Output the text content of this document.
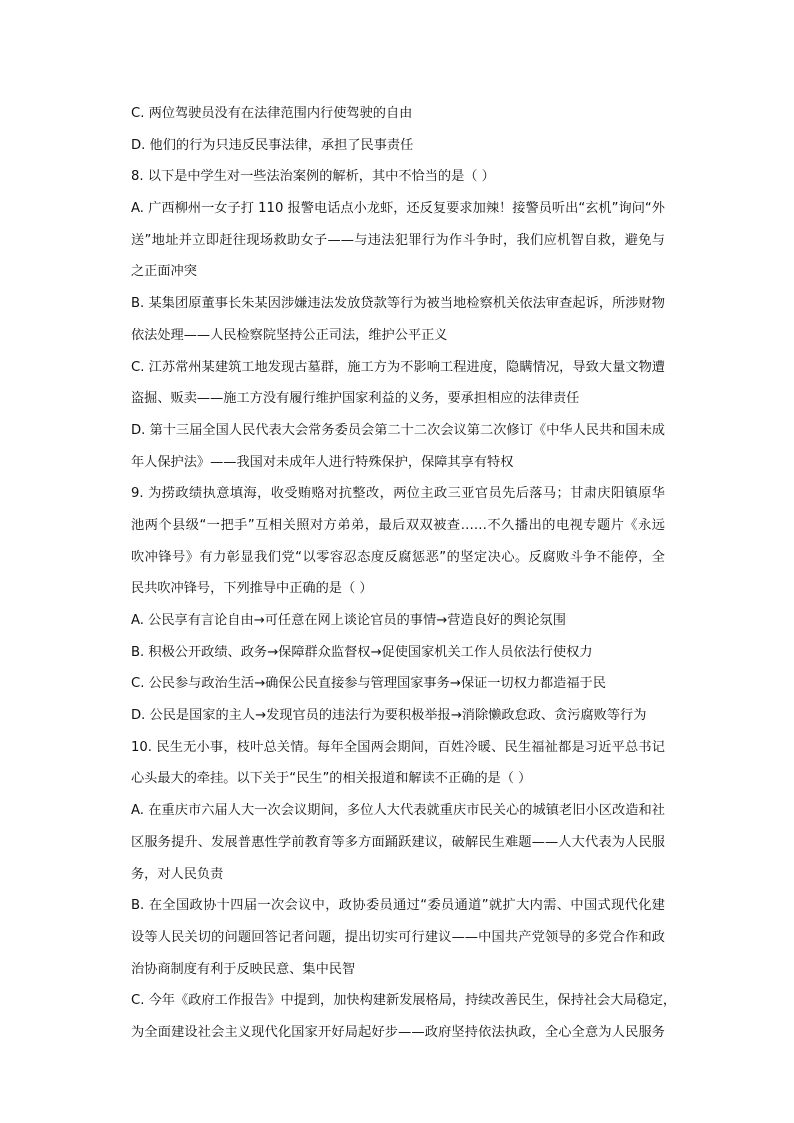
C. 两位驾驶员没有在法律范围内行使驾驶的自由
D. 他们的行为只违反民事法律，承担了民事责任
8. 以下是中学生对一些法治案例的解析，其中不恰当的是（ ）
A. 广西柳州一女子打 110 报警电话点小龙虾，还反复要求加辣！接警员听出“玄机”询问“外
送”地址并立即赶往现场救助女子——与违法犯罪行为作斗争时，我们应机智自救，避免与
之正面冲突
B. 某集团原董事长朱某因涉嫌违法发放贷款等行为被当地检察机关依法审查起诉，所涉财物
依法处理——人民检察院坚持公正司法，维护公平正义
C. 江苏常州某建筑工地发现古墓群，施工方为不影响工程进度，隐瞒情况，导致大量文物遭
盗掘、贩卖——施工方没有履行维护国家利益的义务，要承担相应的法律责任
D. 第十三届全国人民代表大会常务委员会第二十二次会议第二次修订《中华人民共和国未成
年人保护法》——我国对未成年人进行特殊保护，保障其享有特权
9. 为捞政绩执意填海，收受贿赂对抗整改，两位主政三亚官员先后落马；甘肃庆阳镇原华
池两个县级“一把手”互相关照对方弟弟，最后双双被查……不久播出的电视专题片《永远
吹冲锋号》有力彰显我们党“以零容忍态度反腐惩恶”的坚定决心。反腐败斗争不能停，全
民共吹冲锋号，下列推导中正确的是（ ）
A. 公民享有言论自由→可任意在网上谈论官员的事情→营造良好的舆论氛围
B. 积极公开政绩、政务→保障群众监督权→促使国家机关工作人员依法行使权力
C. 公民参与政治生活→确保公民直接参与管理国家事务→保证一切权力都造福于民
D. 公民是国家的主人→发现官员的违法行为要积极举报→消除懒政怠政、贪污腐败等行为
10. 民生无小事，枝叶总关情。每年全国两会期间，百姓冷暖、民生福祉都是习近平总书记
心头最大的牵挂。以下关于“民生”的相关报道和解读不正确的是（ ）
A. 在重庆市六届人大一次会议期间，多位人大代表就重庆市民关心的城镇老旧小区改造和社
区服务提升、发展普惠性学前教育等多方面踊跃建议，破解民生难题——人大代表为人民服
务，对人民负责
B. 在全国政协十四届一次会议中，政协委员通过“委员通道”就扩大内需、中国式现代化建
设等人民关切的问题回答记者问题，提出切实可行建议——中国共产党领导的多党合作和政
治协商制度有利于反映民意、集中民智
C. 今年《政府工作报告》中提到，加快构建新发展格局，持续改善民生，保持社会大局稳定，
为全面建设社会主义现代化国家开好局起好步——政府坚持依法执政，全心全意为人民服务
